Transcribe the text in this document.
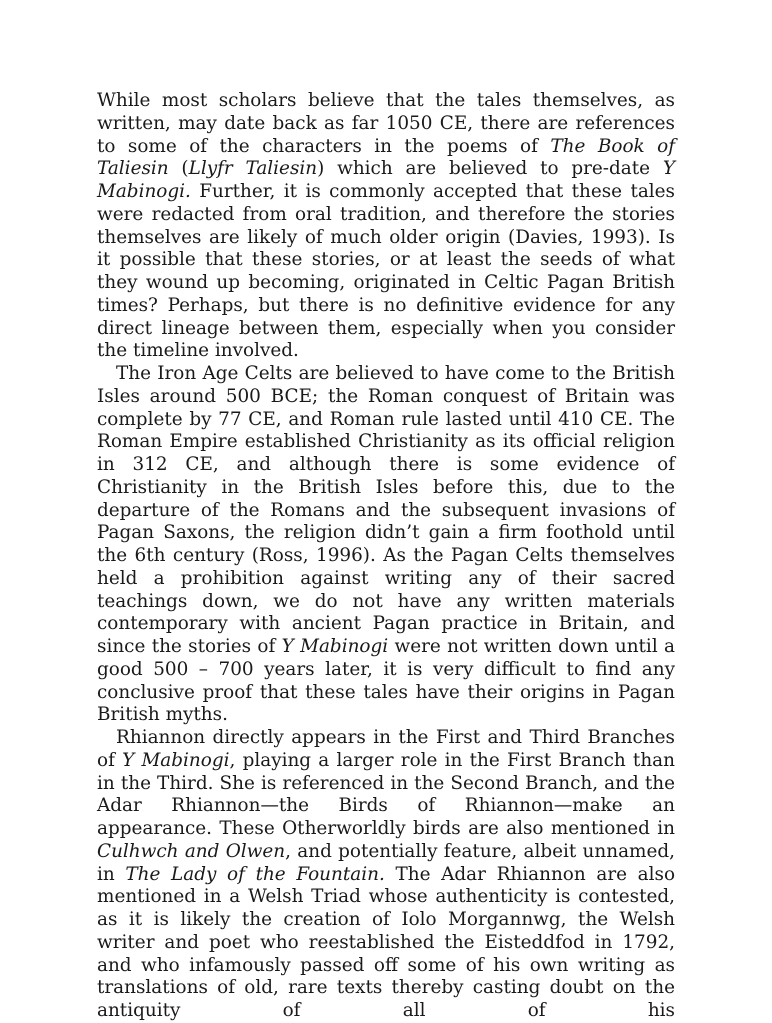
While most scholars believe that the tales themselves, as written, may date back as far 1050 CE, there are references to some of the characters in the poems of The Book of Taliesin (Llyfr Taliesin) which are believed to pre-date Y Mabinogi. Further, it is commonly accepted that these tales were redacted from oral tradition, and therefore the stories themselves are likely of much older origin (Davies, 1993). Is it possible that these stories, or at least the seeds of what they wound up becoming, originated in Celtic Pagan British times? Perhaps, but there is no definitive evidence for any direct lineage between them, especially when you consider the timeline involved.

The Iron Age Celts are believed to have come to the British Isles around 500 BCE; the Roman conquest of Britain was complete by 77 CE, and Roman rule lasted until 410 CE. The Roman Empire established Christianity as its official religion in 312 CE, and although there is some evidence of Christianity in the British Isles before this, due to the departure of the Romans and the subsequent invasions of Pagan Saxons, the religion didn’t gain a firm foothold until the 6th century (Ross, 1996). As the Pagan Celts themselves held a prohibition against writing any of their sacred teachings down, we do not have any written materials contemporary with ancient Pagan practice in Britain, and since the stories of Y Mabinogi were not written down until a good 500 – 700 years later, it is very difficult to find any conclusive proof that these tales have their origins in Pagan British myths.

Rhiannon directly appears in the First and Third Branches of Y Mabinogi, playing a larger role in the First Branch than in the Third. She is referenced in the Second Branch, and the Adar Rhiannon—the Birds of Rhiannon—make an appearance. These Otherworldly birds are also mentioned in Culhwch and Olwen, and potentially feature, albeit unnamed, in The Lady of the Fountain. The Adar Rhiannon are also mentioned in a Welsh Triad whose authenticity is contested, as it is likely the creation of Iolo Morgannwg, the Welsh writer and poet who reestablished the Eisteddfod in 1792, and who infamously passed off some of his own writing as translations of old, rare texts thereby casting doubt on the antiquity of all of his
